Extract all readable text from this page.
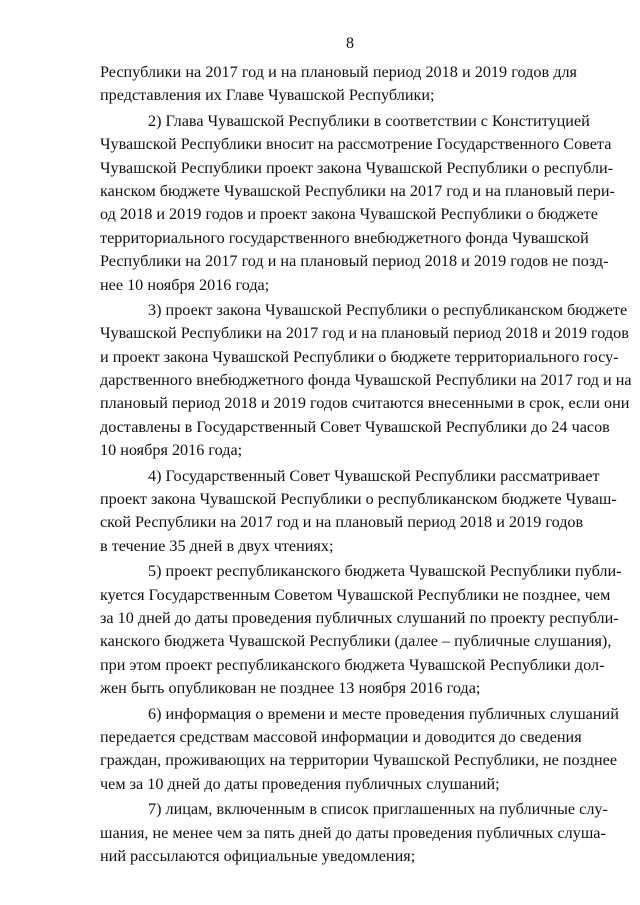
8
Республики на 2017 год и на плановый период 2018 и 2019 годов для
представления их Главе Чувашской Республики;
2) Глава Чувашской Республики в соответствии с Конституцией
Чувашской Республики вносит на рассмотрение Государственного Совета
Чувашской Республики проект закона Чувашской Республики о республи-
канском бюджете Чувашской Республики на 2017 год и на плановый пери-
од 2018 и 2019 годов и проект закона Чувашской Республики о бюджете
территориального государственного внебюджетного фонда Чувашской
Республики на 2017 год и на плановый период 2018 и 2019 годов не позд-
нее 10 ноября 2016 года;
3) проект закона Чувашской Республики о республиканском бюджете
Чувашской Республики на 2017 год и на плановый период 2018 и 2019 годов
и проект закона Чувашской Республики о бюджете территориального госу-
дарственного внебюджетного фонда Чувашской Республики на 2017 год и на
плановый период 2018 и 2019 годов считаются внесенными в срок, если они
доставлены в Государственный Совет Чувашской Республики до 24 часов
10 ноября 2016 года;
4) Государственный Совет Чувашской Республики рассматривает
проект закона Чувашской Республики о республиканском бюджете Чуваш-
ской Республики на 2017 год и на плановый период 2018 и 2019 годов
в течение 35 дней в двух чтениях;
5) проект республиканского бюджета Чувашской Республики публи-
куется Государственным Советом Чувашской Республики не позднее, чем
за 10 дней до даты проведения публичных слушаний по проекту республи-
канского бюджета Чувашской Республики (далее – публичные слушания),
при этом проект республиканского бюджета Чувашской Республики дол-
жен быть опубликован не позднее 13 ноября 2016 года;
6) информация о времени и месте проведения публичных слушаний
передается средствам массовой информации и доводится до сведения
граждан, проживающих на территории Чувашской Республики, не позднее
чем за 10 дней до даты проведения публичных слушаний;
7) лицам, включенным в список приглашенных на публичные слу-
шания, не менее чем за пять дней до даты проведения публичных слуша-
ний рассылаются официальные уведомления;
